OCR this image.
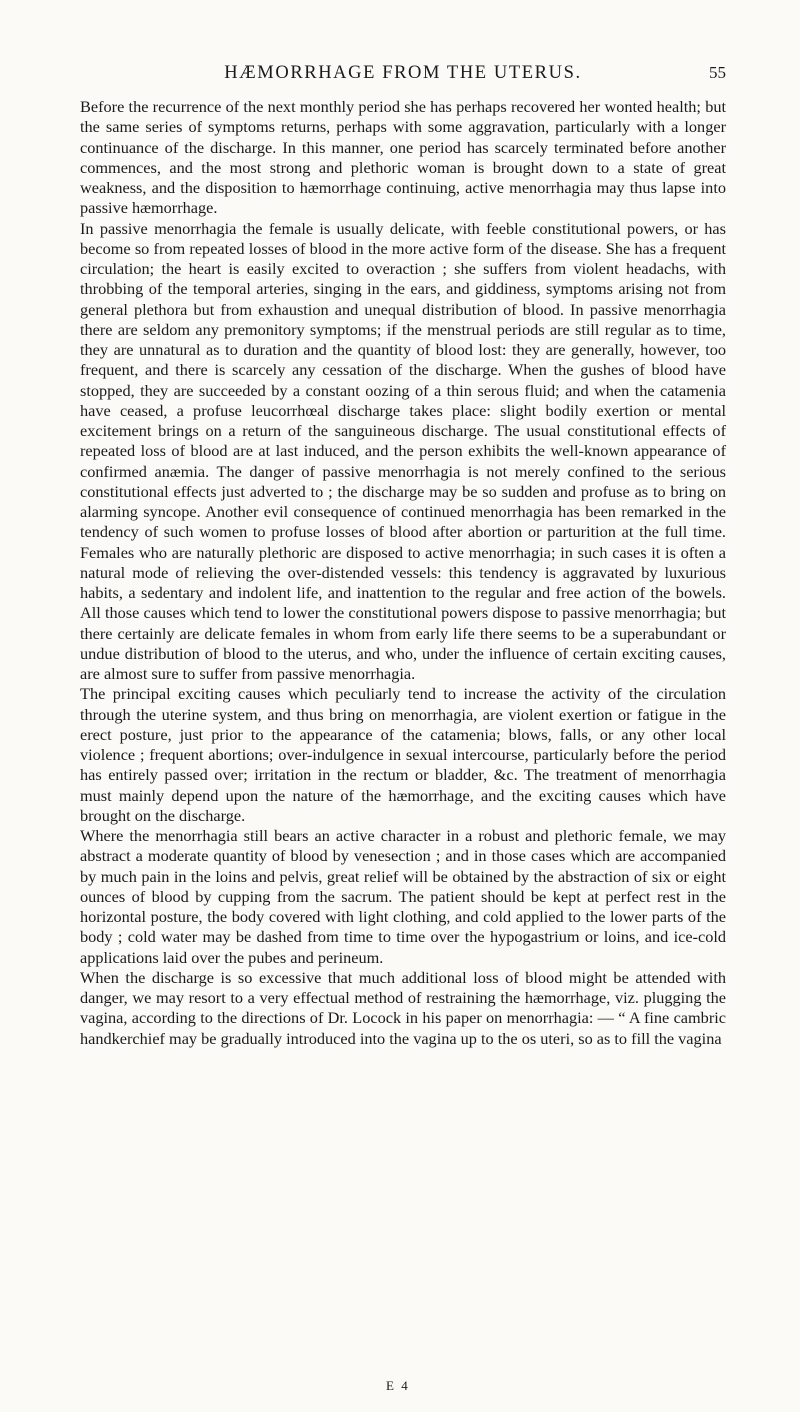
HÆMORRHAGE FROM THE UTERUS.	55

Before the recurrence of the next monthly period she has perhaps recovered her wonted health; but the same series of symptoms returns, perhaps with some aggravation, particularly with a longer continuance of the discharge. In this manner, one period has scarcely terminated before another commences, and the most strong and plethoric woman is brought down to a state of great weakness, and the disposition to hæmorrhage continuing, active menorrhagia may thus lapse into passive hæmorrhage.

In passive menorrhagia the female is usually delicate, with feeble constitutional powers, or has become so from repeated losses of blood in the more active form of the disease. She has a frequent circulation; the heart is easily excited to overaction ; she suffers from violent headachs, with throbbing of the temporal arteries, singing in the ears, and giddiness, symptoms arising not from general plethora but from exhaustion and unequal distribution of blood. In passive menorrhagia there are seldom any premonitory symptoms; if the menstrual periods are still regular as to time, they are unnatural as to duration and the quantity of blood lost: they are generally, however, too frequent, and there is scarcely any cessation of the discharge. When the gushes of blood have stopped, they are succeeded by a constant oozing of a thin serous fluid; and when the catamenia have ceased, a profuse leucorrhœal discharge takes place: slight bodily exertion or mental excitement brings on a return of the sanguineous discharge. The usual constitutional effects of repeated loss of blood are at last induced, and the person exhibits the well-known appearance of confirmed anæmia. The danger of passive menorrhagia is not merely confined to the serious constitutional effects just adverted to ; the discharge may be so sudden and profuse as to bring on alarming syncope. Another evil consequence of continued menorrhagia has been remarked in the tendency of such women to profuse losses of blood after abortion or parturition at the full time. Females who are naturally plethoric are disposed to active menorrhagia; in such cases it is often a natural mode of relieving the over-distended vessels: this tendency is aggravated by luxurious habits, a sedentary and indolent life, and inattention to the regular and free action of the bowels. All those causes which tend to lower the constitutional powers dispose to passive menorrhagia; but there certainly are delicate females in whom from early life there seems to be a superabundant or undue distribution of blood to the uterus, and who, under the influence of certain exciting causes, are almost sure to suffer from passive menorrhagia.

The principal exciting causes which peculiarly tend to increase the activity of the circulation through the uterine system, and thus bring on menorrhagia, are violent exertion or fatigue in the erect posture, just prior to the appearance of the catamenia; blows, falls, or any other local violence ; frequent abortions; over-indulgence in sexual intercourse, particularly before the period has entirely passed over; irritation in the rectum or bladder, &c. The treatment of menorrhagia must mainly depend upon the nature of the hæmorrhage, and the exciting causes which have brought on the discharge.

Where the menorrhagia still bears an active character in a robust and plethoric female, we may abstract a moderate quantity of blood by venesection ; and in those cases which are accompanied by much pain in the loins and pelvis, great relief will be obtained by the abstraction of six or eight ounces of blood by cupping from the sacrum. The patient should be kept at perfect rest in the horizontal posture, the body covered with light clothing, and cold applied to the lower parts of the body ; cold water may be dashed from time to time over the hypogastrium or loins, and ice-cold applications laid over the pubes and perineum.

When the discharge is so excessive that much additional loss of blood might be attended with danger, we may resort to a very effectual method of restraining the hæmorrhage, viz. plugging the vagina, according to the directions of Dr. Locock in his paper on menorrhagia: — “ A fine cambric handkerchief may be gradually introduced into the vagina up to the os uteri, so as to fill the vagina

E 4
